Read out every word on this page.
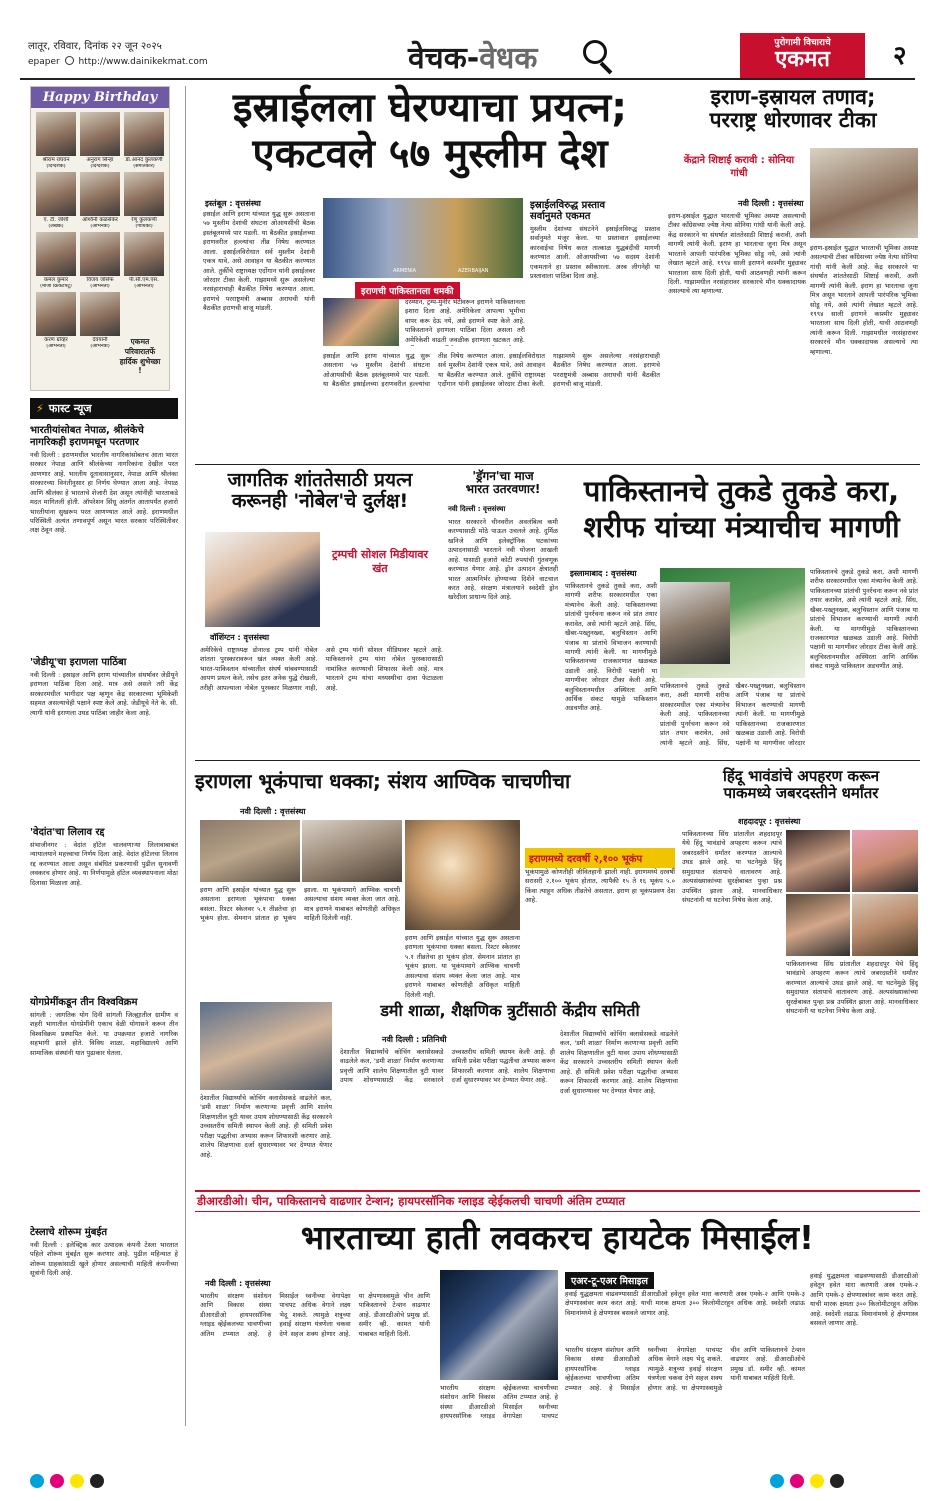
लातूर, रविवार, दिनांक २२ जून २०२५
epaper http://www.dainikekmat.com	वेचक-वेधक	पुरोगामी विचाराचे
एकमत	२
Happy Birthday
श्रीराम राघवन
(दिग्दर्शक)
अनुराग सिन्हा
(दिग्दर्शक)
डॉ.आनंद कुलकर्णी
(संगीतकार)
ए. टी. जोशी
(लेखक)
अश्विनी कळसेकर
(अभिनेत्री)
रेणू कुलकर्णी
(गायिका)
कमल कुमार
(माजी क्रिकेटपटू)
विजय जोसेफ
(अभिनेता)
पी.सी.एम.एस.
(अभिनेता)
करण ग्रोव्हर
(अभिनेता)
देवयानी
(अभिनेत्री)	एकमत परिवारातर्फे हार्दिक शुभेच्छा !
⚡ फास्ट न्यूज
भारतीयांसोबत नेपाळ, श्रीलंकेचे नागरिकही इराणमधून परतणार
नवी दिल्ली : इराणमधील भारतीय नागरिकांसोबतच आता भारत सरकार नेपाळ आणि श्रीलंकेच्या नागरिकांना देखील परत आणणार आहे. भारतीय दूतावासानुसार, नेपाळ आणि श्रीलंका सरकारच्या विनंतीनुसार हा निर्णय घेण्यात आला आहे. नेपाळ आणि श्रीलंका हे भारताचे शेजारी देश असून त्यांनीही भारताकडे मदत मागितली होती. ऑपरेशन सिंधू अंतर्गत आतापर्यंत हजारो भारतीयांना सुखरूप परत आणण्यात आले आहे. इराणमधील परिस्थिती अत्यंत तणावपूर्ण असून भारत सरकार परिस्थितीवर लक्ष ठेवून आहे.
'जेडीयू'चा इराणला पाठिंबा
नवी दिल्ली : इस्राइल आणि इराण यांच्यातील संघर्षावर जेडीयूने इराणला पाठिंबा दिला आहे. मात्र असे असले तरी केंद्र सरकारमधील भागीदार पक्ष म्हणून केंद्र सरकारच्या भूमिकेशी सहमत असल्याचेही पक्षाने स्पष्ट केले आहे. जेडीयूचे नेते के. सी. त्यागी यांनी इराणला उघड पाठिंबा जाहीर केला आहे.
'वेदांत'चा लिलाव रद्द
संभाजीनगर : वेदांत हॉटेल चालवणाऱ्या लिलावाबाबत न्यायालयाने महत्त्वाचा निर्णय दिला आहे. वेदांत हॉटेलचा लिलाव रद्द करण्यात आला असून संबंधित प्रकरणाची पुढील सुनावणी लवकरच होणार आहे. या निर्णयामुळे हॉटेल व्यवस्थापनाला मोठा दिलासा मिळाला आहे.
योगप्रेमींकडून तीन विश्वविक्रम
सांगली : जागतिक योग दिनी सांगली जिल्ह्यातील ग्रामीण व शहरी भागातील योगप्रेमींनी एकाच वेळी योगासने करून तीन विश्वविक्रम प्रस्थापित केले. या उपक्रमात हजारो नागरिक सहभागी झाले होते. विविध शाळा, महाविद्यालये आणि सामाजिक संस्थांनी यात पुढाकार घेतला.
टेस्लाचे शोरूम मुंबईत
नवी दिल्ली : इलेक्ट्रिक कार उत्पादक कंपनी टेस्ला भारतात पहिले शोरूम मुंबईत सुरू करणार आहे. पुढील महिन्यात हे शोरूम ग्राहकांसाठी खुले होणार असल्याची माहिती कंपनीच्या सूत्रांनी दिली आहे.
इस्राईलला घेरण्याचा प्रयत्न;
एकटवले ५७ मुस्लीम देश
इस्तंबूल : वृत्तसंस्था
इस्राईल आणि इराण यांच्यात युद्ध सुरू असताना ५७ मुस्लीम देशांची संघटना ओआयसीची बैठक इस्तंबूलमध्ये पार पडली. या बैठकीत इस्राईलच्या इराणवरील हल्ल्यांचा तीव्र निषेध करण्यात आला. इस्राईलविरोधात सर्व मुस्लीम देशांनी एकत्र यावे, असे आवाहन या बैठकीत करण्यात आले. तुर्कीचे राष्ट्राध्यक्ष एर्दोगान यांनी इस्राईलवर जोरदार टीका केली. गाझामध्ये सुरू असलेल्या नरसंहाराचाही बैठकीत निषेध करण्यात आला. इराणचे परराष्ट्रमंत्री अब्बास अराघची यांनी बैठकीत इराणची बाजू मांडली.
ARMENIA	AZERBAIJAN
इराणची पाकिस्तानला धमकी
दरम्यान, ट्रम्प-मुनीर भेटीवरून इराणने पाकिस्तानला इशारा दिला आहे. अमेरिकेला आपल्या भूमीचा वापर करू देऊ नये, असे इराणने स्पष्ट केले आहे. पाकिस्तानने इराणला पाठिंबा दिला असला तरी अमेरिकेशी वाढती जवळीक इराणला खटकत आहे.
इस्राईलविरुद्ध प्रस्ताव
सर्वानुमते एकमत
मुस्लीम देशांच्या संघटनेने इस्राईलविरुद्ध प्रस्ताव सर्वानुमते मंजूर केला. या प्रस्तावात इस्राईलच्या कारवाईचा निषेध करत तात्काळ युद्धबंदीची मागणी करण्यात आली. ओआयसीच्या ५७ सदस्य देशांनी एकमताने हा प्रस्ताव स्वीकारला. अरब लीगनेही या प्रस्तावाला पाठिंबा दिला आहे.
इस्राईल आणि इराण यांच्यात युद्ध सुरू असताना ५७ मुस्लीम देशांची संघटना ओआयसीची बैठक इस्तंबूलमध्ये पार पडली. या बैठकीत इस्राईलच्या इराणवरील हल्ल्यांचा तीव्र निषेध करण्यात आला. इस्राईलविरोधात सर्व मुस्लीम देशांनी एकत्र यावे, असे आवाहन या बैठकीत करण्यात आले. तुर्कीचे राष्ट्राध्यक्ष एर्दोगान यांनी इस्राईलवर जोरदार टीका केली. गाझामध्ये सुरू असलेल्या नरसंहाराचाही बैठकीत निषेध करण्यात आला. इराणचे परराष्ट्रमंत्री अब्बास अराघची यांनी बैठकीत इराणची बाजू मांडली.
इराण-इस्रायल तणाव;
परराष्ट्र धोरणावर टीका
केंद्राने शिष्टाई करावी : सोनिया गांधी
नवी दिल्ली : वृत्तसंस्था
इराण-इस्राईल युद्धात भारताची भूमिका अस्पष्ट असल्याची टीका काँग्रेसच्या ज्येष्ठ नेत्या सोनिया गांधी यांनी केली आहे. केंद्र सरकारने या संघर्षात शांततेसाठी शिष्टाई करावी, अशी मागणी त्यांनी केली. इराण हा भारताचा जुना मित्र असून भारताने आपली पारंपरिक भूमिका सोडू नये, असे त्यांनी लेखात म्हटले आहे. १९९४ साली इराणने काश्मीर मुद्द्यावर भारताला साथ दिली होती, याची आठवणही त्यांनी करून दिली. गाझामधील नरसंहारावर सरकारचे मौन धक्कादायक असल्याचे त्या म्हणाल्या.
इराण-इस्राईल युद्धात भारताची भूमिका अस्पष्ट असल्याची टीका काँग्रेसच्या ज्येष्ठ नेत्या सोनिया गांधी यांनी केली आहे. केंद्र सरकारने या संघर्षात शांततेसाठी शिष्टाई करावी, अशी मागणी त्यांनी केली. इराण हा भारताचा जुना मित्र असून भारताने आपली पारंपरिक भूमिका सोडू नये, असे त्यांनी लेखात म्हटले आहे. १९९४ साली इराणने काश्मीर मुद्द्यावर भारताला साथ दिली होती, याची आठवणही त्यांनी करून दिली. गाझामधील नरसंहारावर सरकारचे मौन धक्कादायक असल्याचे त्या म्हणाल्या.
जागतिक शांततेसाठी प्रयत्न
करूनही 'नोबेल'चे दुर्लक्ष!
ट्रम्पची सोशल मिडीयावर खंत
वॉशिंग्टन : वृत्तसंस्था
अमेरिकेचे राष्ट्राध्यक्ष डोनाल्ड ट्रम्प यांनी नोबेल शांतता पुरस्कारावरून खंत व्यक्त केली आहे. भारत-पाकिस्तान यांच्यातील संघर्ष थांबवण्यासाठी आपण प्रयत्न केले, तसेच इतर अनेक युद्धे रोखली, तरीही आपल्याला नोबेल पुरस्कार मिळणार नाही, असे ट्रम्प यांनी सोशल मीडियावर म्हटले आहे. पाकिस्तानने ट्रम्प यांना नोबेल पुरस्कारासाठी नामांकित करण्याची शिफारस केली आहे. मात्र भारताने ट्रम्प यांचा मध्यस्थीचा दावा फेटाळला आहे.
'ड्रॅगन'चा माज
भारत उतरवणार!
नवी दिल्ली : वृत्तसंस्था
भारत सरकारने चीनवरील अवलंबित्व कमी करण्यासाठी मोठे पाऊल उचलले आहे. दुर्मिळ खनिजे आणि इलेक्ट्रॉनिक घटकांच्या उत्पादनासाठी भारताने नवी योजना आखली आहे. यासाठी हजारो कोटी रुपयांची गुंतवणूक करण्यात येणार आहे. ड्रोन उत्पादन क्षेत्रातही भारत आत्मनिर्भर होण्याच्या दिशेने वाटचाल करत आहे. संरक्षण मंत्रालयाने स्वदेशी ड्रोन खरेदीला प्राधान्य दिले आहे.
पाकिस्तानचे तुकडे तुकडे करा,
शरीफ यांच्या मंत्र्याचीच मागणी
इस्लामाबाद : वृत्तसंस्था
पाकिस्तानचे तुकडे तुकडे करा, अशी मागणी शरीफ सरकारमधील एका मंत्र्यानेच केली आहे. पाकिस्तानच्या प्रांतांची पुनर्रचना करून नवे प्रांत तयार करावेत, असे त्यांनी म्हटले आहे. सिंध, खैबर-पख्तुनख्वा, बलुचिस्तान आणि पंजाब या प्रांतांचे विभाजन करण्याची मागणी त्यांनी केली. या मागणीमुळे पाकिस्तानच्या राजकारणात खळबळ उडाली आहे. विरोधी पक्षांनी या मागणीवर जोरदार टीका केली आहे. बलुचिस्तानमधील अस्थिरता आणि आर्थिक संकट यामुळे पाकिस्तान अडचणीत आहे.
पाकिस्तानचे तुकडे तुकडे करा, अशी मागणी शरीफ सरकारमधील एका मंत्र्यानेच केली आहे. पाकिस्तानच्या प्रांतांची पुनर्रचना करून नवे प्रांत तयार करावेत, असे त्यांनी म्हटले आहे. सिंध, खैबर-पख्तुनख्वा, बलुचिस्तान आणि पंजाब या प्रांतांचे विभाजन करण्याची मागणी त्यांनी केली. या मागणीमुळे पाकिस्तानच्या राजकारणात खळबळ उडाली आहे. विरोधी पक्षांनी या मागणीवर जोरदार
पाकिस्तानचे तुकडे तुकडे करा, अशी मागणी शरीफ सरकारमधील एका मंत्र्यानेच केली आहे. पाकिस्तानच्या प्रांतांची पुनर्रचना करून नवे प्रांत तयार करावेत, असे त्यांनी म्हटले आहे. सिंध, खैबर-पख्तुनख्वा, बलुचिस्तान आणि पंजाब या प्रांतांचे विभाजन करण्याची मागणी त्यांनी केली. या मागणीमुळे पाकिस्तानच्या राजकारणात खळबळ उडाली आहे. विरोधी पक्षांनी या मागणीवर जोरदार टीका केली आहे. बलुचिस्तानमधील अस्थिरता आणि आर्थिक संकट यामुळे पाकिस्तान अडचणीत आहे.
इराणला भूकंपाचा धक्का; संशय आण्विक चाचणीचा
नवी दिल्ली : वृत्तसंस्था
इराण आणि इस्राईल यांच्यात युद्ध सुरू असताना इराणला भूकंपाचा धक्का बसला. रिश्टर स्केलवर ५.१ तीव्रतेचा हा भूकंप होता. सेमनान प्रांतात हा भूकंप झाला. या भूकंपामागे आण्विक चाचणी असल्याचा संशय व्यक्त केला जात आहे. मात्र इराणने याबाबत कोणतीही अधिकृत माहिती दिलेली नाही.
इराण आणि इस्राईल यांच्यात युद्ध सुरू असताना इराणला भूकंपाचा धक्का बसला. रिश्टर स्केलवर ५.१ तीव्रतेचा हा भूकंप होता. सेमनान प्रांतात हा भूकंप झाला. या भूकंपामागे आण्विक चाचणी असल्याचा संशय व्यक्त केला जात आहे. मात्र इराणने याबाबत कोणतीही अधिकृत माहिती दिलेली नाही.
इराणमध्ये दरवर्षी २,१०० भूकंप
भूकंपामुळे कोणतीही जीवितहानी झाली नाही. इराणमध्ये दरवर्षी सरासरी २,१०० भूकंप होतात, त्यापैकी १५ ते १६ भूकंप ५.० किंवा त्याहून अधिक तीव्रतेचे असतात. इराण हा भूकंपप्रवण देश आहे.
हिंदू भावंडांचे अपहरण करून
पाकमध्ये जबरदस्तीने धर्मांतर
शहदादपूर : वृत्तसंस्था
पाकिस्तानच्या सिंध प्रांतातील शहदादपूर येथे हिंदू भावंडांचे अपहरण करून त्यांचे जबरदस्तीने धर्मांतर करण्यात आल्याचे उघड झाले आहे. या घटनेमुळे हिंदू समुदायात संतापाचे वातावरण आहे. अल्पसंख्याकांच्या सुरक्षेबाबत पुन्हा प्रश्न उपस्थित झाला आहे. मानवाधिकार संघटनांनी या घटनेचा निषेध केला आहे.
पाकिस्तानच्या सिंध प्रांतातील शहदादपूर येथे हिंदू भावंडांचे अपहरण करून त्यांचे जबरदस्तीने धर्मांतर करण्यात आल्याचे उघड झाले आहे. या घटनेमुळे हिंदू समुदायात संतापाचे वातावरण आहे. अल्पसंख्याकांच्या सुरक्षेबाबत पुन्हा प्रश्न उपस्थित झाला आहे. मानवाधिकार संघटनांनी या घटनेचा निषेध केला आहे.
डमी शाळा, शैक्षणिक त्रुटींसाठी केंद्रीय समिती
नवी दिल्ली : प्रतिनिधी
देशातील विद्यार्थ्यांचे कोचिंग क्लासेसकडे वाढलेले कल, 'डमी शाळा' निर्माण करणाऱ्या प्रवृत्ती आणि शालेय शिक्षणातील त्रुटी यावर उपाय शोधण्यासाठी केंद्र सरकारने उच्चस्तरीय समिती स्थापन केली आहे. ही समिती प्रवेश परीक्षा पद्धतीचा अभ्यास करून शिफारशी करणार आहे. शालेय शिक्षणाचा दर्जा सुधारण्यावर भर देण्यात येणार आहे.
देशातील विद्यार्थ्यांचे कोचिंग क्लासेसकडे वाढलेले कल, 'डमी शाळा' निर्माण करणाऱ्या प्रवृत्ती आणि शालेय शिक्षणातील त्रुटी यावर उपाय शोधण्यासाठी केंद्र सरकारने उच्चस्तरीय समिती स्थापन केली आहे. ही समिती प्रवेश परीक्षा पद्धतीचा अभ्यास करून शिफारशी करणार आहे. शालेय शिक्षणाचा दर्जा सुधारण्यावर भर देण्यात येणार आहे.
देशातील विद्यार्थ्यांचे कोचिंग क्लासेसकडे वाढलेले कल, 'डमी शाळा' निर्माण करणाऱ्या प्रवृत्ती आणि शालेय शिक्षणातील त्रुटी यावर उपाय शोधण्यासाठी केंद्र सरकारने उच्चस्तरीय समिती स्थापन केली आहे. ही समिती प्रवेश परीक्षा पद्धतीचा अभ्यास करून शिफारशी करणार आहे. शालेय शिक्षणाचा दर्जा सुधारण्यावर भर देण्यात येणार आहे.
डीआरडीओ। चीन, पाकिस्तानचे वाढणार टेन्शन; हायपरसॉनिक ग्लाइड व्हेईकलची चाचणी अंतिम टप्प्यात
भारताच्या हाती लवकरच हायटेक मिसाईल!
नवी दिल्ली : वृत्तसंस्था
भारतीय संरक्षण संशोधन आणि विकास संस्था डीआरडीओ हायपरसॉनिक ग्लाइड व्हेईकलच्या चाचणीच्या अंतिम टप्प्यात आहे. हे मिसाईल ध्वनीच्या वेगापेक्षा पाचपट अधिक वेगाने लक्ष्य भेदू शकते. त्यामुळे शत्रूच्या हवाई संरक्षण यंत्रणेला चकवा देणे सहज शक्य होणार आहे. या क्षेपणास्त्रामुळे चीन आणि पाकिस्तानचे टेन्शन वाढणार आहे. डीआरडीओचे प्रमुख डॉ. समीर व्ही. कामत यांनी याबाबत माहिती दिली.
भारतीय संरक्षण संशोधन आणि विकास संस्था डीआरडीओ हायपरसॉनिक ग्लाइड व्हेईकलच्या चाचणीच्या अंतिम टप्प्यात आहे. हे मिसाईल ध्वनीच्या वेगापेक्षा पाचपट
एअर-टू-एअर मिसाइल
हवाई युद्धक्षमता वाढवण्यासाठी डीआरडीओ हवेतून हवेत मारा करणारी अस्त्र एमके-२ आणि एमके-३ क्षेपणास्त्रांवर काम करत आहे. याची मारक क्षमता ३०० किलोमीटरहून अधिक आहे. स्वदेशी लढाऊ विमानांमध्ये हे क्षेपणास्त्र बसवले जाणार आहे.
भारतीय संरक्षण संशोधन आणि विकास संस्था डीआरडीओ हायपरसॉनिक ग्लाइड व्हेईकलच्या चाचणीच्या अंतिम टप्प्यात आहे. हे मिसाईल ध्वनीच्या वेगापेक्षा पाचपट अधिक वेगाने लक्ष्य भेदू शकते. त्यामुळे शत्रूच्या हवाई संरक्षण यंत्रणेला चकवा देणे सहज शक्य होणार आहे. या क्षेपणास्त्रामुळे चीन आणि पाकिस्तानचे टेन्शन वाढणार आहे. डीआरडीओचे प्रमुख डॉ. समीर व्ही. कामत यांनी याबाबत माहिती दिली.
हवाई युद्धक्षमता वाढवण्यासाठी डीआरडीओ हवेतून हवेत मारा करणारी अस्त्र एमके-२ आणि एमके-३ क्षेपणास्त्रांवर काम करत आहे. याची मारक क्षमता ३०० किलोमीटरहून अधिक आहे. स्वदेशी लढाऊ विमानांमध्ये हे क्षेपणास्त्र बसवले जाणार आहे.
